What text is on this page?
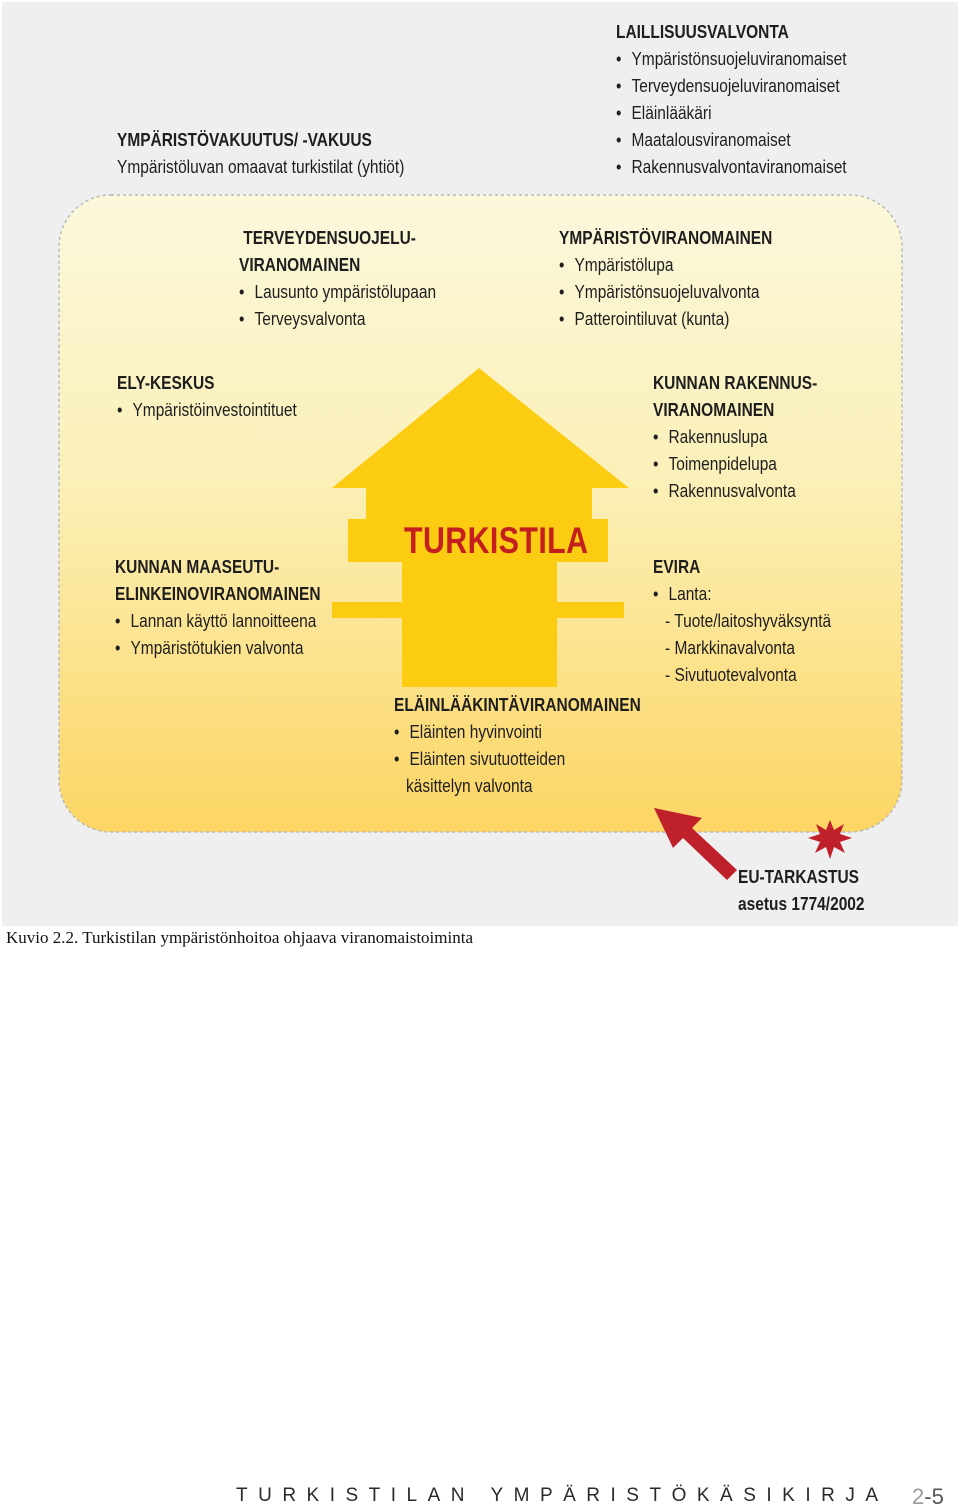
LAILLISUUSVALVONTA
• Ympäristönsuojeluviranomaiset
• Terveydensuojeluviranomaiset
• Eläinlääkäri
• Maatalousviranomaiset
• Rakennusvalvontaviranomaiset
YMPÄRISTÖVAKUUTUS/ -VAKUUS
Ympäristöluvan omaavat turkistilat (yhtiöt)
TERVEYDENSUOJELU-
VIRANOMAINEN
• Lausunto ympäristölupaan
• Terveysvalvonta
YMPÄRISTÖVIRANOMAINEN
• Ympäristölupa
• Ympäristönsuojeluvalvonta
• Patterointiluvat (kunta)
ELY-KESKUS
• Ympäristöinvestointituet
KUNNAN RAKENNUS-
VIRANOMAINEN
• Rakennuslupa
• Toimenpidelupa
• Rakennusvalvonta
KUNNAN MAASEUTU-
ELINKEINOVIRANOMAINEN
• Lannan käyttö lannoitteena
• Ympäristötukien valvonta
EVIRA
• Lanta:
- Tuote/laitoshyväksyntä
- Markkinavalvonta
- Sivutuotevalvonta
TURKISTILA
ELÄINLÄÄKINTÄVIRANOMAINEN
• Eläinten hyvinvointi
• Eläinten sivutuotteiden
käsittelyn valvonta
EU-TARKASTUS
asetus 1774/2002
Kuvio 2.2. Turkistilan ympäristönhoitoa ohjaava viranomaistoiminta
TURKISTILAN YMPÄRISTÖKÄSIKIRJA 2-5
